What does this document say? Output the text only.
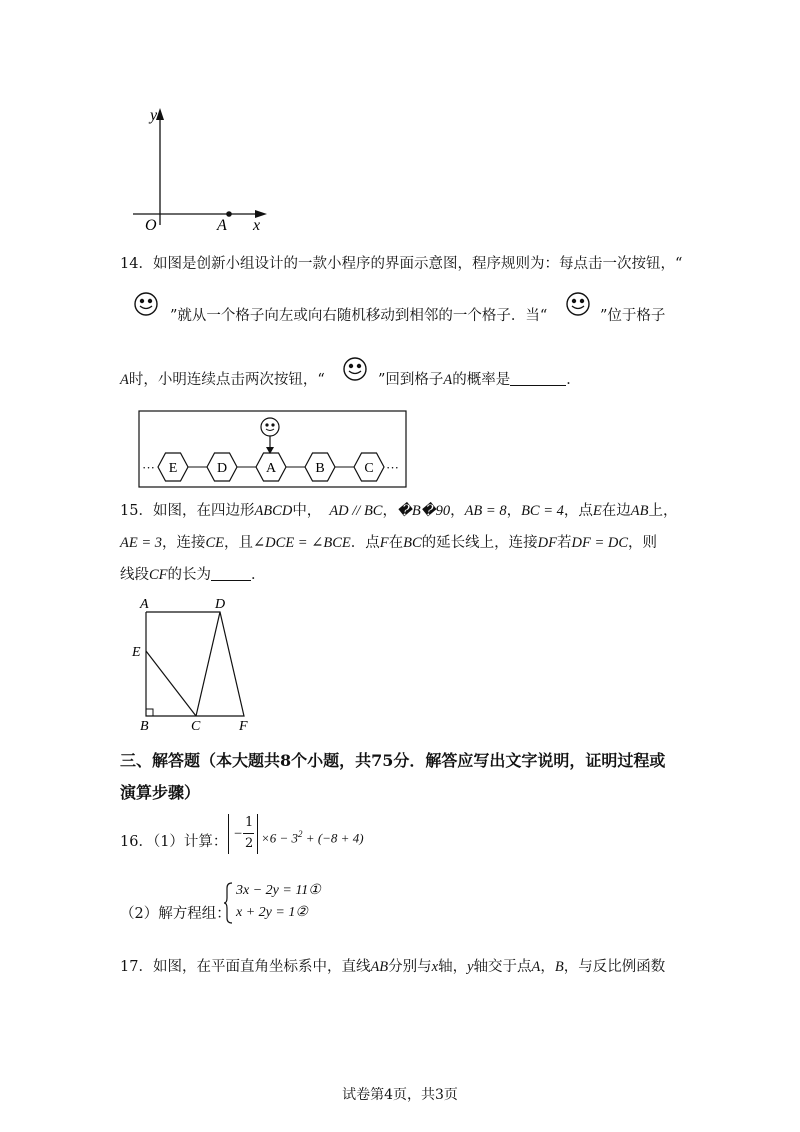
y
x
O	A
14．如图是创新小组设计的一款小程序的界面示意图，程序规则为：每点击一次按钮，“
”就从一个格子向左或向右随机移动到相邻的一个格子．当“	”位于格子
A时，小明连续点击两次按钮，“	”回到格子A的概率是	．
E	D	A	B	C
···	···
15．如图，在四边形ABCD中， AD // BC，�B�90，AB = 8，BC = 4，点E在边AB上，
AE = 3，连接CE，且∠DCE = ∠BCE．点F在BC的延长线上，连接DF若DF = DC，则
线段CF的长为	．
A	D
E
B	C	F
三、解答题（本大题共8个小题，共75分．解答应写出文字说明，证明过程或
演算步骤）
16．（1）计算： −
1
$2 \times 6 - 3^2 + (-8 + 4)$
（2）解方程组：
3x − 2y = 11①
x + 2y = 1②
17．如图，在平面直角坐标系中，直线AB分别与x轴，y轴交于点A，B，与反比例函数
试卷第4页，共3页
